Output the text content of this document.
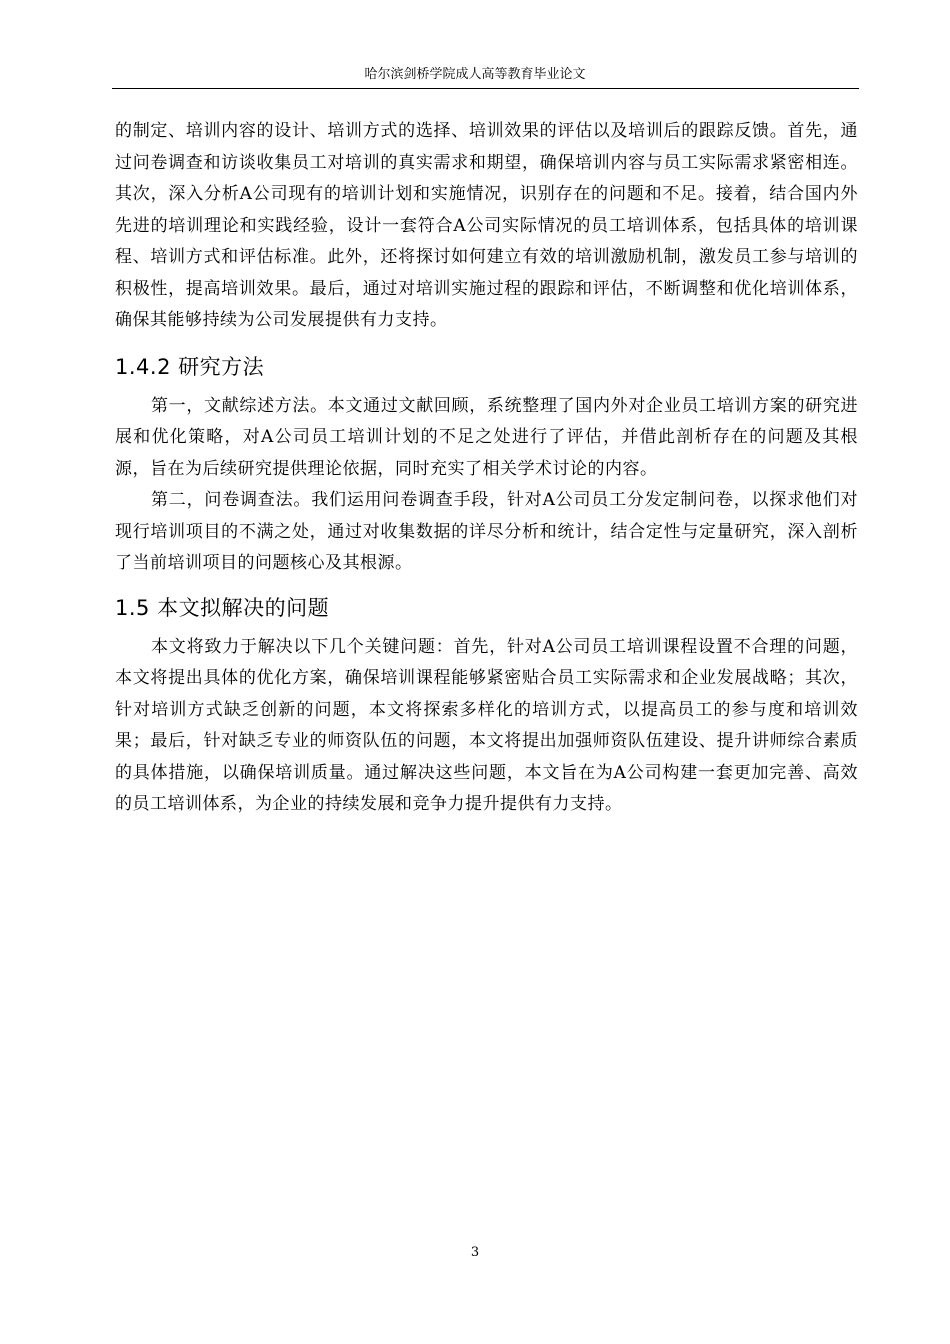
哈尔滨剑桥学院成人高等教育毕业论文

的制定、培训内容的设计、培训方式的选择、培训效果的评估以及培训后的跟踪反馈。首先，通过问卷调查和访谈收集员工对培训的真实需求和期望，确保培训内容与员工实际需求紧密相连。其次，深入分析A公司现有的培训计划和实施情况，识别存在的问题和不足。接着，结合国内外先进的培训理论和实践经验，设计一套符合A公司实际情况的员工培训体系，包括具体的培训课程、培训方式和评估标准。此外，还将探讨如何建立有效的培训激励机制，激发员工参与培训的积极性，提高培训效果。最后，通过对培训实施过程的跟踪和评估，不断调整和优化培训体系，确保其能够持续为公司发展提供有力支持。

1.4.2 研究方法

第一，文献综述方法。本文通过文献回顾，系统整理了国内外对企业员工培训方案的研究进展和优化策略，对A公司员工培训计划的不足之处进行了评估，并借此剖析存在的问题及其根源，旨在为后续研究提供理论依据，同时充实了相关学术讨论的内容。

第二，问卷调查法。我们运用问卷调查手段，针对A公司员工分发定制问卷，以探求他们对现行培训项目的不满之处，通过对收集数据的详尽分析和统计，结合定性与定量研究，深入剖析了当前培训项目的问题核心及其根源。

1.5 本文拟解决的问题

本文将致力于解决以下几个关键问题：首先，针对A公司员工培训课程设置不合理的问题，本文将提出具体的优化方案，确保培训课程能够紧密贴合员工实际需求和企业发展战略；其次，针对培训方式缺乏创新的问题，本文将探索多样化的培训方式，以提高员工的参与度和培训效果；最后，针对缺乏专业的师资队伍的问题，本文将提出加强师资队伍建设、提升讲师综合素质的具体措施，以确保培训质量。通过解决这些问题，本文旨在为A公司构建一套更加完善、高效的员工培训体系，为企业的持续发展和竞争力提升提供有力支持。

3
